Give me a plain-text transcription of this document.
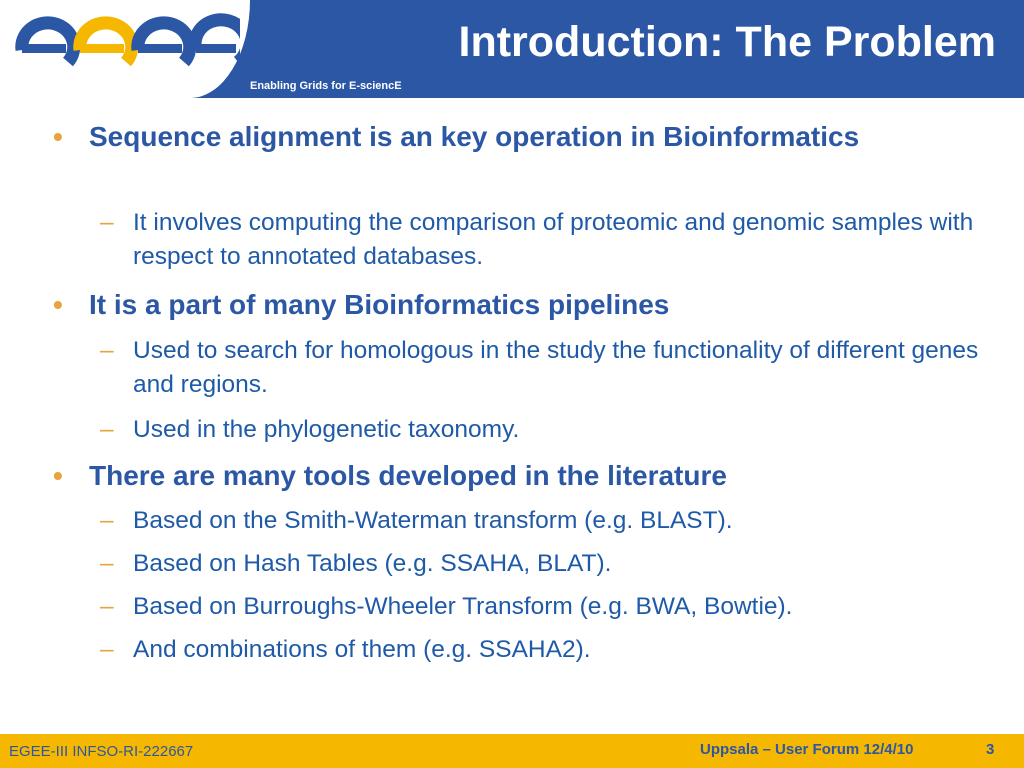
Introduction: The Problem
Enabling Grids for E-sciencE
• Sequence alignment is an key operation in Bioinformatics
– It involves computing the comparison of proteomic and genomic samples with respect to annotated databases.
• It is a part of many Bioinformatics pipelines
– Used to search for homologous in the study the functionality of different genes and regions.
– Used in the phylogenetic taxonomy.
• There are many tools developed in the literature
– Based on the Smith-Waterman transform (e.g. BLAST).
– Based on Hash Tables (e.g. SSAHA, BLAT).
– Based on Burroughs-Wheeler Transform (e.g. BWA, Bowtie).
– And combinations of them (e.g. SSAHA2).
EGEE-III INFSO-RI-222667	Uppsala – User Forum 12/4/10	3
